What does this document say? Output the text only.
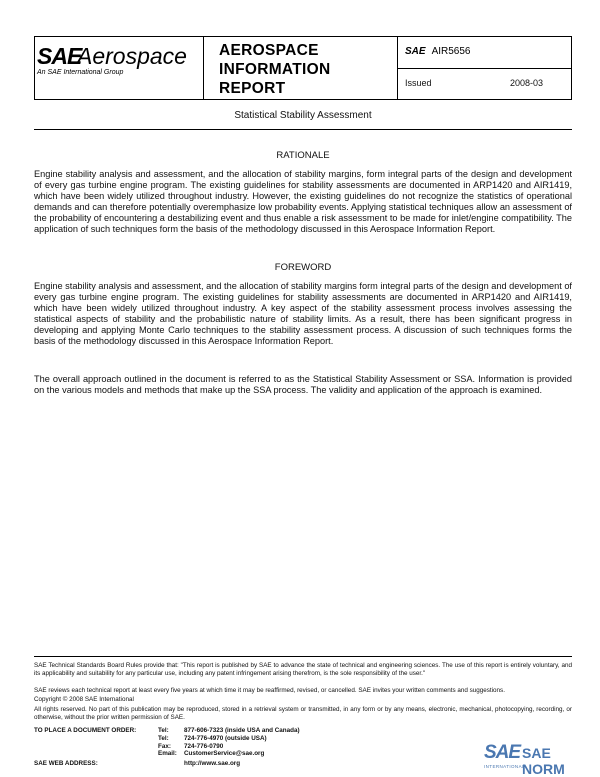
SAE
Aerospace
An SAE International Group
AEROSPACE
INFORMATION
REPORT
SAE AIR5656
Issued	2008-03
Statistical Stability Assessment
RATIONALE

Engine stability analysis and assessment, and the allocation of stability margins, form integral parts of the design and development of every gas turbine engine program. The existing guidelines for stability assessments are documented in ARP1420 and AIR1419, which have been widely utilized throughout industry. However, the existing guidelines do not recognize the statistics of operational demands and can therefore potentially overemphasize low probability events. Applying statistical techniques allow an assessment of the probability of encountering a destabilizing event and thus enable a risk assessment to be made for inlet/engine compatibility. The application of such techniques form the basis of the methodology discussed in this Aerospace Information Report.

FOREWORD

Engine stability analysis and assessment, and the allocation of stability margins form integral parts of the design and development of every gas turbine engine program. The existing guidelines for stability assessments are documented in ARP1420 and AIR1419, which have been widely utilized throughout industry. A key aspect of the stability assessment process involves assessing the statistical aspects of stability and the probabilistic nature of stability limits. As a result, there has been significant progress in developing and applying Monte Carlo techniques to the stability assessment process. A discussion of such techniques forms the basis of the methodology discussed in this Aerospace Information Report.

The overall approach outlined in the document is referred to as the Statistical Stability Assessment or SSA. Information is provided on the various models and methods that make up the SSA process. The validity and application of the approach is examined.

SAE Technical Standards Board Rules provide that: "This report is published by SAE to advance the state of technical and engineering sciences. The use of this report is entirely voluntary, and its applicability and suitability for any particular use, including any patent infringement arising therefrom, is the sole responsibility of the user."

SAE reviews each technical report at least every five years at which time it may be reaffirmed, revised, or cancelled. SAE invites your written comments and suggestions.

Copyright © 2008 SAE International

All rights reserved. No part of this publication may be reproduced, stored in a retrieval system or transmitted, in any form or by any means, electronic, mechanical, photocopying, recording, or otherwise, without the prior written permission of SAE.

TO PLACE A DOCUMENT ORDER:	Tel:	877-606-7323 (inside USA and Canada)
Tel:	724-776-4970 (outside USA)
Fax:	724-776-0790
Email:	CustomerService@sae.org
SAE WEB ADDRESS:	http://www.sae.org
SAE SAE NORM
INTERNATIONAL
